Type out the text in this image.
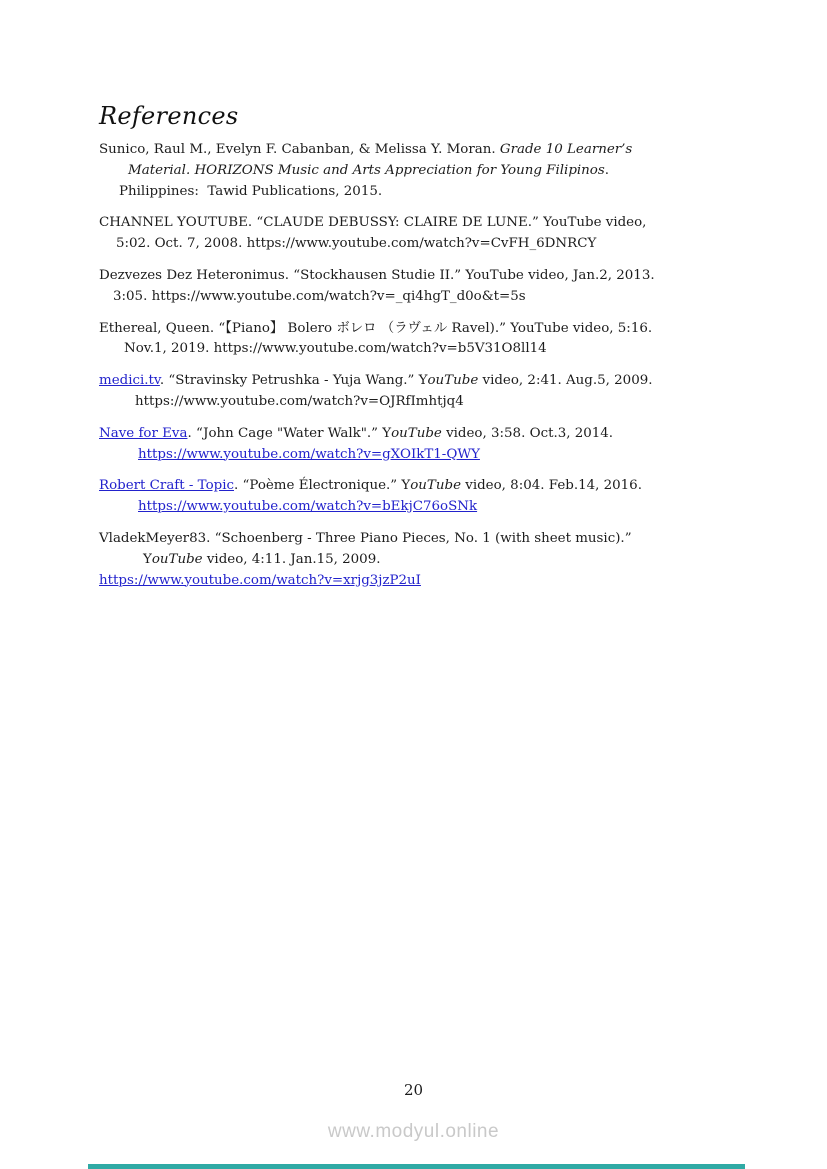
References

Sunico, Raul M., Evelyn F. Cabanban, & Melissa Y. Moran. Grade 10 Learner’s
Material. HORIZONS Music and Arts Appreciation for Young Filipinos.
Philippines:  Tawid Publications, 2015.

CHANNEL YOUTUBE. “CLAUDE DEBUSSY: CLAIRE DE LUNE.” YouTube video,
5:02. Oct. 7, 2008. https://www.youtube.com/watch?v=CvFH_6DNRCY

Dezvezes Dez Heteronimus. “Stockhausen Studie II.” YouTube video, Jan.2, 2013.
3:05. https://www.youtube.com/watch?v=_qi4hgT_d0o&t=5s

Ethereal, Queen. “【Piano】 Bolero ボレロ （ラヴェル Ravel).” YouTube video, 5:16.
Nov.1, 2019. https://www.youtube.com/watch?v=b5V31O8ll14

medici.tv. “Stravinsky Petrushka - Yuja Wang.” YouTube video, 2:41. Aug.5, 2009.
https://www.youtube.com/watch?v=OJRfImhtjq4

Nave for Eva. “John Cage "Water Walk".” YouTube video, 3:58. Oct.3, 2014.
https://www.youtube.com/watch?v=gXOIkT1-QWY

Robert Craft - Topic. “Poème Électronique.” YouTube video, 8:04. Feb.14, 2016.
https://www.youtube.com/watch?v=bEkjC76oSNk

VladekMeyer83. “Schoenberg - Three Piano Pieces, No. 1 (with sheet music).”
YouTube video, 4:11. Jan.15, 2009.
https://www.youtube.com/watch?v=xrjg3jzP2uI

20
www.modyul.online
